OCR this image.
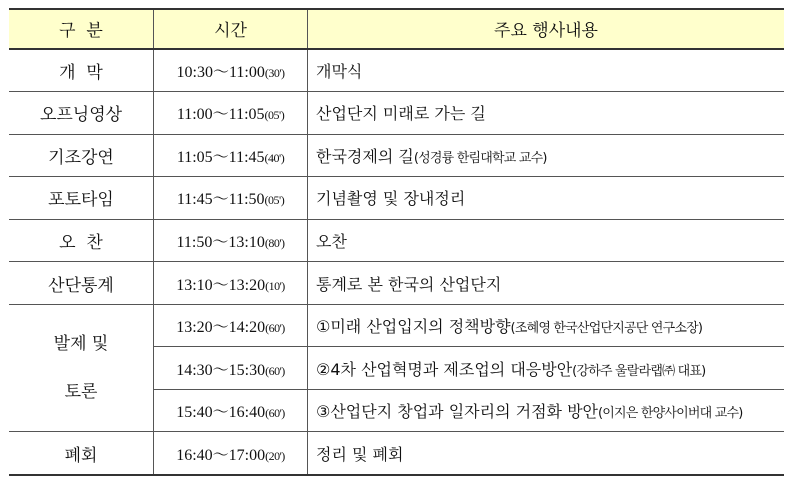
구  분	시간	주요 행사내용
개  막	10:30～11:00(30')	개막식
오프닝영상	11:00～11:05(05')	산업단지 미래로 가는 길
기조강연	11:05～11:45(40')	한국경제의 길(성경륭 한림대학교 교수)
포토타임	11:45～11:50(05')	기념촬영 및 장내정리
오  찬	11:50～13:10(80')	오찬
산단통계	13:10～13:20(10')	통계로 본 한국의 산업단지

발제 및
토론	13:20～14:20(60')	①미래 산업입지의 정책방향(조혜영 한국산업단지공단 연구소장)
	14:30～15:30(60')	②4차 산업혁명과 제조업의 대응방안(강하주 울랄라랩㈜ 대표)
	15:40～16:40(60')	③산업단지 창업과 일자리의 거점화 방안(이지은 한양사이버대 교수)
폐회	16:40～17:00(20')	정리 및 폐회
